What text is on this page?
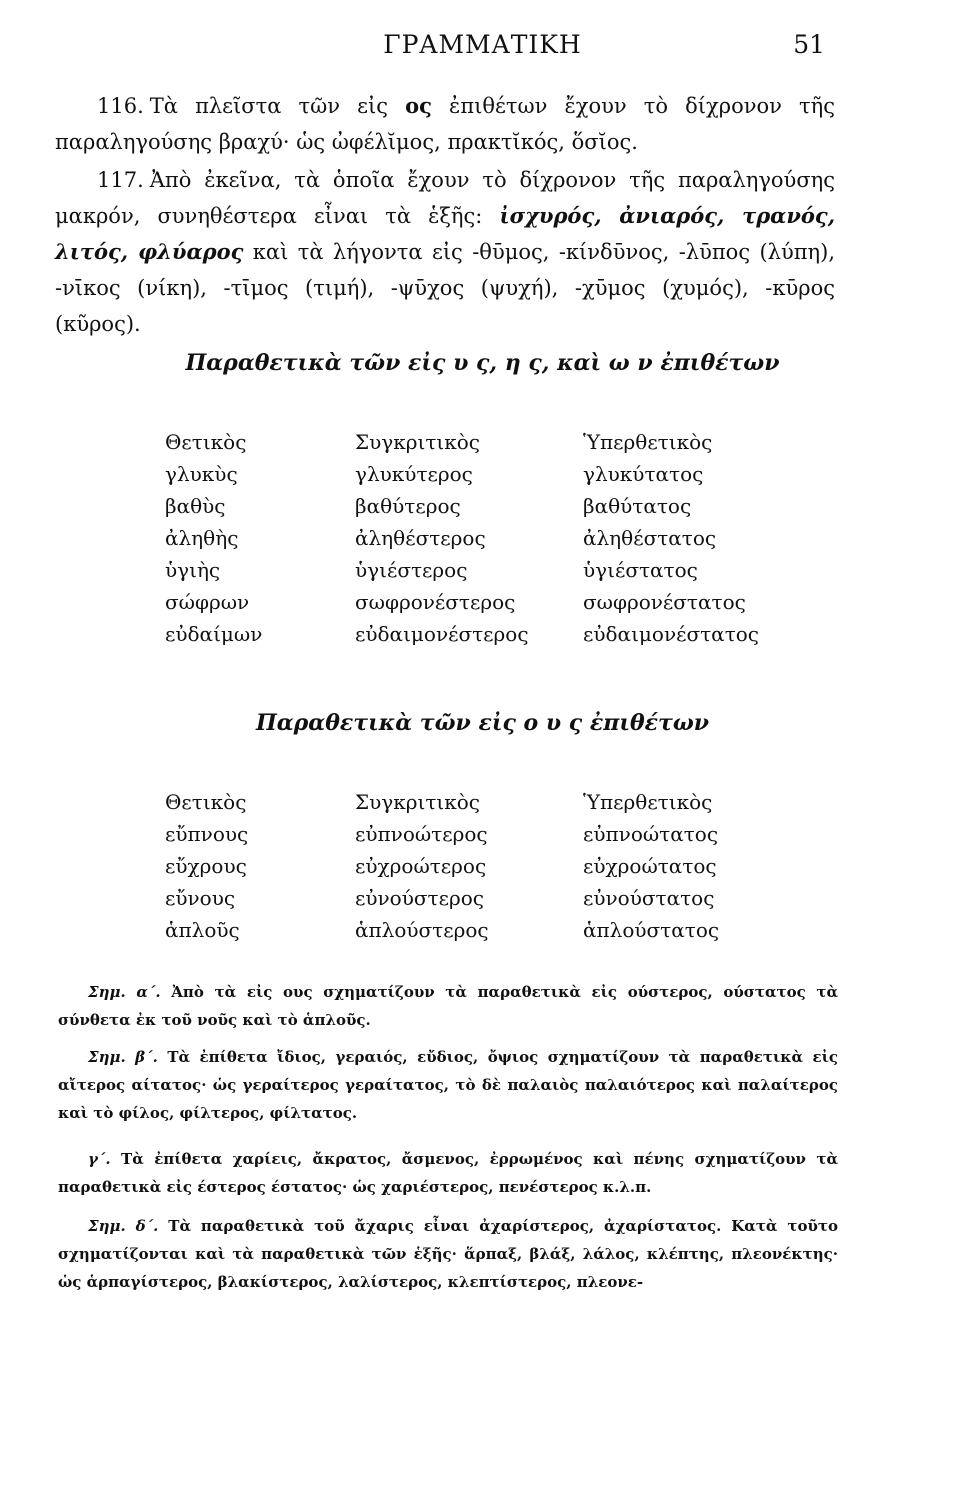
ΓΡΑΜΜΑΤΙΚΗ	51
116. Τὰ πλεῖστα τῶν εἰς ος ἐπιθέτων ἔχουν τὸ δίχρονον τῆς παραληγούσης βραχύ· ὡς ὠφέλῐμος, πρακτῐκός, ὅσῐος.
117. Ἀπὸ ἐκεῖνα, τὰ ὁποῖα ἔχουν τὸ δίχρονον τῆς παραληγούσης μακρόν, συνηθέστερα εἶναι τὰ ἑξῆς: ἰσχυρός, ἀνιαρός, τρανός, λιτός, φλύαρος καὶ τὰ λήγοντα εἰς -θῡμος, -κίνδῡνος, -λῡπος (λύπη), -νῑκος (νίκη), -τῑμος (τιμή), -ψῡχος (ψυχή), -χῡμος (χυμός), -κῡρος (κῦρος).
Παραθετικὰ τῶν εἰς υ ς, η ς, καὶ ω ν ἐπιθέτων
Θετικὸς	Συγκριτικὸς	Ὑπερθετικὸς
γλυκὺς	γλυκύτερος	γλυκύτατος
βαθὺς	βαθύτερος	βαθύτατος
ἀληθὴς	ἀληθέστερος	ἀληθέστατος
ὑγιὴς	ὑγιέστερος	ὑγιέστατος
σώφρων	σωφρονέστερος	σωφρονέστατος
εὐδαίμων	εὐδαιμονέστερος	εὐδαιμονέστατος
Παραθετικὰ τῶν εἰς ο υ ς ἐπιθέτων
Θετικὸς	Συγκριτικὸς	Ὑπερθετικὸς
εὔπνους	εὐπνοώτερος	εὐπνοώτατος
εὔχρους	εὐχροώτερος	εὐχροώτατος
εὔνους	εὐνούστερος	εὐνούστατος
ἁπλοῦς	ἁπλούστερος	ἁπλούστατος
Σημ. α΄. Ἀπὸ τὰ εἰς ους σχηματίζουν τὰ παραθετικὰ εἰς ούστερος, ούστατος τὰ σύνθετα ἐκ τοῦ νοῦς καὶ τὸ ἁπλοῦς.
Σημ. β΄. Τὰ ἐπίθετα ἴδιος, γεραιός, εὔδιος, ὄψιος σχηματίζουν τὰ παραθετικὰ εἰς αἴτερος αίτατος· ὡς γεραίτερος γεραίτατος, τὸ δὲ παλαιὸς παλαιότερος καὶ παλαίτερος καὶ τὸ φίλος, φίλτερος, φίλτατος.
γ΄. Τὰ ἐπίθετα χαρίεις, ἄκρατος, ἄσμενος, ἐρρωμένος καὶ πένης σχηματίζουν τὰ παραθετικὰ εἰς έστερος έστατος· ὡς χαριέστερος, πενέστερος κ.λ.π.
Σημ. δ΄. Τὰ παραθετικὰ τοῦ ἄχαρις εἶναι ἀχαρίστερος, ἀχαρίστατος. Κατὰ τοῦτο σχηματίζονται καὶ τὰ παραθετικὰ τῶν ἑξῆς· ἅρπαξ, βλάξ, λάλος, κλέπτης, πλεονέκτης· ὡς ἁρπαγίστερος, βλακίστερος, λαλίστερος, κλεπτίστερος, πλεονε-
